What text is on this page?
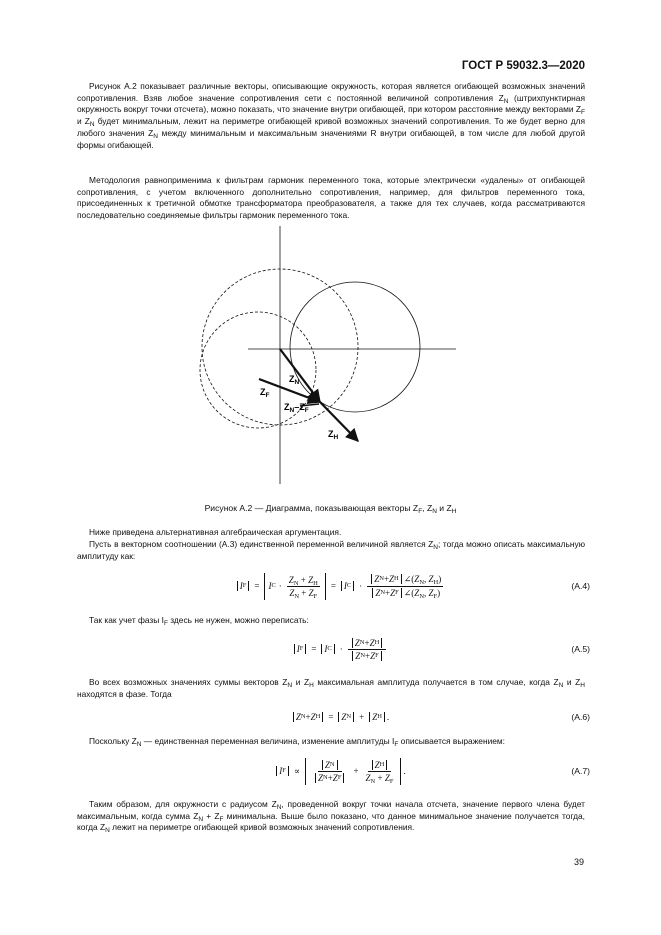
ГОСТ Р 59032.3—2020
Рисунок А.2 показывает различные векторы, описывающие окружность, которая является огибающей возможных значений сопротивления. Взяв любое значение сопротивления сети с постоянной величиной сопротивления $Z_N$ (штрихпунктирная окружность вокруг точки отсчета), можно показать, что значение внутри огибающей, при котором расстояние между векторами $Z_F$ и $Z_N$ будет минимальным, лежит на периметре огибающей кривой возможных значений сопротивления. То же будет верно для любого значения $Z_N$ между минимальным и максимальным значениями R внутри огибающей, в том числе для любой другой формы огибающей.
Методология равноприменима к фильтрам гармоник переменного тока, которые электрически «удалены» от огибающей сопротивления, с учетом включенного дополнительно сопротивления, например, для фильтров переменного тока, присоединенных к третичной обмотке трансформатора преобразователя, а также для тех случаев, когда рассматриваются последовательно соединяемые фильтры гармоник переменного тока.
$Z_N$
$Z_F$
$Z_N-Z_F$
$Z_H$
Рисунок А.2 — Диаграмма, показывающая векторы $Z_F$, $Z_N$ и $Z_H$
Ниже приведена альтернативная алгебраическая аргументация.
Пусть в векторном соотношении (А.3) единственной переменной величиной является $Z_N$; тогда можно описать максимальную амплитуду как:
I F = I $C \cdot \frac{Z_N + Z_H}{Z_N + Z_F} = I$ $C \cdot \frac{Z N + Z H \angle(Z_N, Z_H)}{Z N + Z F \angle(Z_N, Z_F)}$	(А.4)
Так как учет фазы $I_F$ здесь не нужен, можно переписать:
I F = I $C \cdot \frac{\text{Z N + Z H}}{\text{Z N + Z F}}$	(А.5)
Во всех возможных значениях суммы векторов $Z_N$ и $Z_H$ максимальная амплитуда получается в том случае, когда $Z_N$ и $Z_H$ находятся в фазе. Тогда
Z N + Z H = Z N + Z H .	(А.6)
Поскольку $Z_N$ — единственная переменная величина, изменение амплитуды $I_F$ описывается выражением:
I $F \propto \frac{\text{Z N}}{\text{Z N + Z F}} + \frac{\text{Z H}}{Z_N + Z_F}$ .	(А.7)
Таким образом, для окружности с радиусом $Z_N$, проведенной вокруг точки начала отсчета, значение первого члена будет максимальным, когда сумма $Z_N + Z_F$ минимальна. Выше было показано, что данное минимальное значение получается тогда, когда $Z_N$ лежит на периметре огибающей кривой возможных значений сопротивления.
39
